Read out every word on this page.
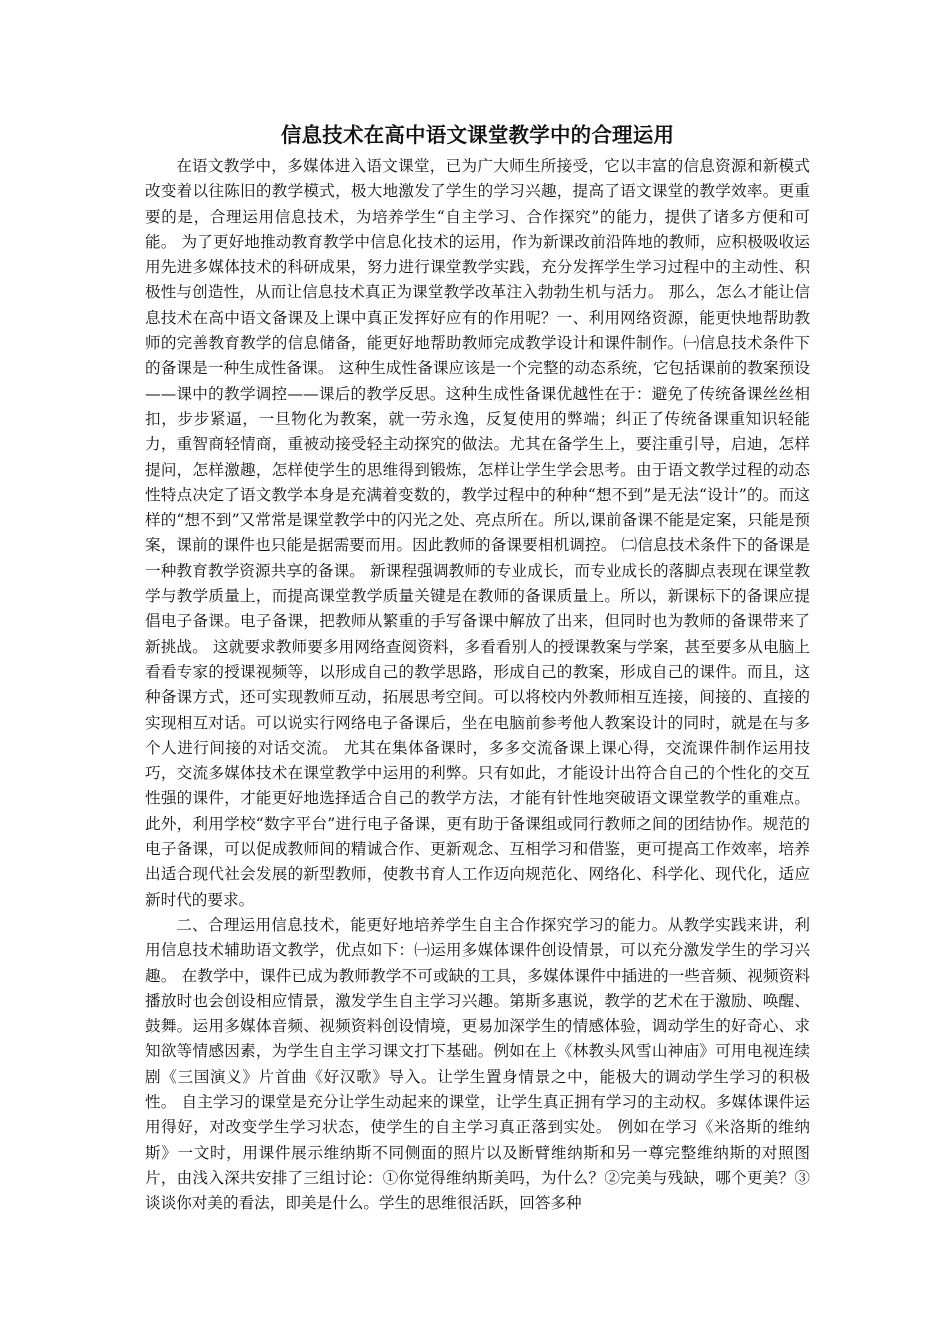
信息技术在高中语文课堂教学中的合理运用

在语文教学中，多媒体进入语文课堂，已为广大师生所接受，它以丰富的信息资源和新模式改变着以往陈旧的教学模式，极大地激发了学生的学习兴趣，提高了语文课堂的教学效率。更重要的是，合理运用信息技术，为培养学生“自主学习、合作探究”的能力，提供了诸多方便和可能。 为了更好地推动教育教学中信息化技术的运用，作为新课改前沿阵地的教师，应积极吸收运用先进多媒体技术的科研成果，努力进行课堂教学实践，充分发挥学生学习过程中的主动性、积极性与创造性，从而让信息技术真正为课堂教学改革注入勃勃生机与活力。 那么，怎么才能让信息技术在高中语文备课及上课中真正发挥好应有的作用呢？一、利用网络资源，能更快地帮助教师的完善教育教学的信息储备，能更好地帮助教师完成教学设计和课件制作。㈠信息技术条件下的备课是一种生成性备课。 这种生成性备课应该是一个完整的动态系统，它包括课前的教案预设——课中的教学调控——课后的教学反思。这种生成性备课优越性在于：避免了传统备课丝丝相扣，步步紧逼，一旦物化为教案，就一劳永逸，反复使用的弊端；纠正了传统备课重知识轻能力，重智商轻情商，重被动接受轻主动探究的做法。尤其在备学生上，要注重引导，启迪，怎样提问，怎样激趣，怎样使学生的思维得到锻炼，怎样让学生学会思考。由于语文教学过程的动态性特点决定了语文教学本身是充满着变数的，教学过程中的种种“想不到”是无法“设计”的。而这样的“想不到”又常常是课堂教学中的闪光之处、亮点所在。所以,课前备课不能是定案，只能是预案，课前的课件也只能是据需要而用。因此教师的备课要相机调控。 ㈡信息技术条件下的备课是一种教育教学资源共享的备课。 新课程强调教师的专业成长，而专业成长的落脚点表现在课堂教学与教学质量上，而提高课堂教学质量关键是在教师的备课质量上。所以，新课标下的备课应提倡电子备课。电子备课，把教师从繁重的手写备课中解放了出来，但同时也为教师的备课带来了新挑战。 这就要求教师要多用网络查阅资料，多看看别人的授课教案与学案，甚至要多从电脑上看看专家的授课视频等，以形成自己的教学思路，形成自己的教案，形成自己的课件。而且，这种备课方式，还可实现教师互动，拓展思考空间。可以将校内外教师相互连接，间接的、直接的实现相互对话。可以说实行网络电子备课后，坐在电脑前参考他人教案设计的同时，就是在与多个人进行间接的对话交流。 尤其在集体备课时，多多交流备课上课心得，交流课件制作运用技巧，交流多媒体技术在课堂教学中运用的利弊。只有如此，才能设计出符合自己的个性化的交互性强的课件，才能更好地选择适合自己的教学方法，才能有针性地突破语文课堂教学的重难点。 此外，利用学校“数字平台”进行电子备课，更有助于备课组或同行教师之间的团结协作。规范的电子备课，可以促成教师间的精诚合作、更新观念、互相学习和借鉴，更可提高工作效率，培养出适合现代社会发展的新型教师，使教书育人工作迈向规范化、网络化、科学化、现代化，适应新时代的要求。

二、合理运用信息技术，能更好地培养学生自主合作探究学习的能力。从教学实践来讲，利用信息技术辅助语文教学，优点如下：㈠运用多媒体课件创设情景，可以充分激发学生的学习兴趣。 在教学中，课件已成为教师教学不可或缺的工具，多媒体课件中插进的一些音频、视频资料播放时也会创设相应情景，激发学生自主学习兴趣。第斯多惠说，教学的艺术在于激励、唤醒、鼓舞。运用多媒体音频、视频资料创设情境，更易加深学生的情感体验，调动学生的好奇心、求知欲等情感因素，为学生自主学习课文打下基础。例如在上《林教头风雪山神庙》可用电视连续剧《三国演义》片首曲《好汉歌》导入。让学生置身情景之中，能极大的调动学生学习的积极性。 自主学习的课堂是充分让学生动起来的课堂，让学生真正拥有学习的主动权。多媒体课件运用得好，对改变学生学习状态，使学生的自主学习真正落到实处。 例如在学习《米洛斯的维纳斯》一文时，用课件展示维纳斯不同侧面的照片以及断臂维纳斯和另一尊完整维纳斯的对照图片，由浅入深共安排了三组讨论：①你觉得维纳斯美吗，为什么？②完美与残缺，哪个更美？③谈谈你对美的看法，即美是什么。学生的思维很活跃，回答多种
